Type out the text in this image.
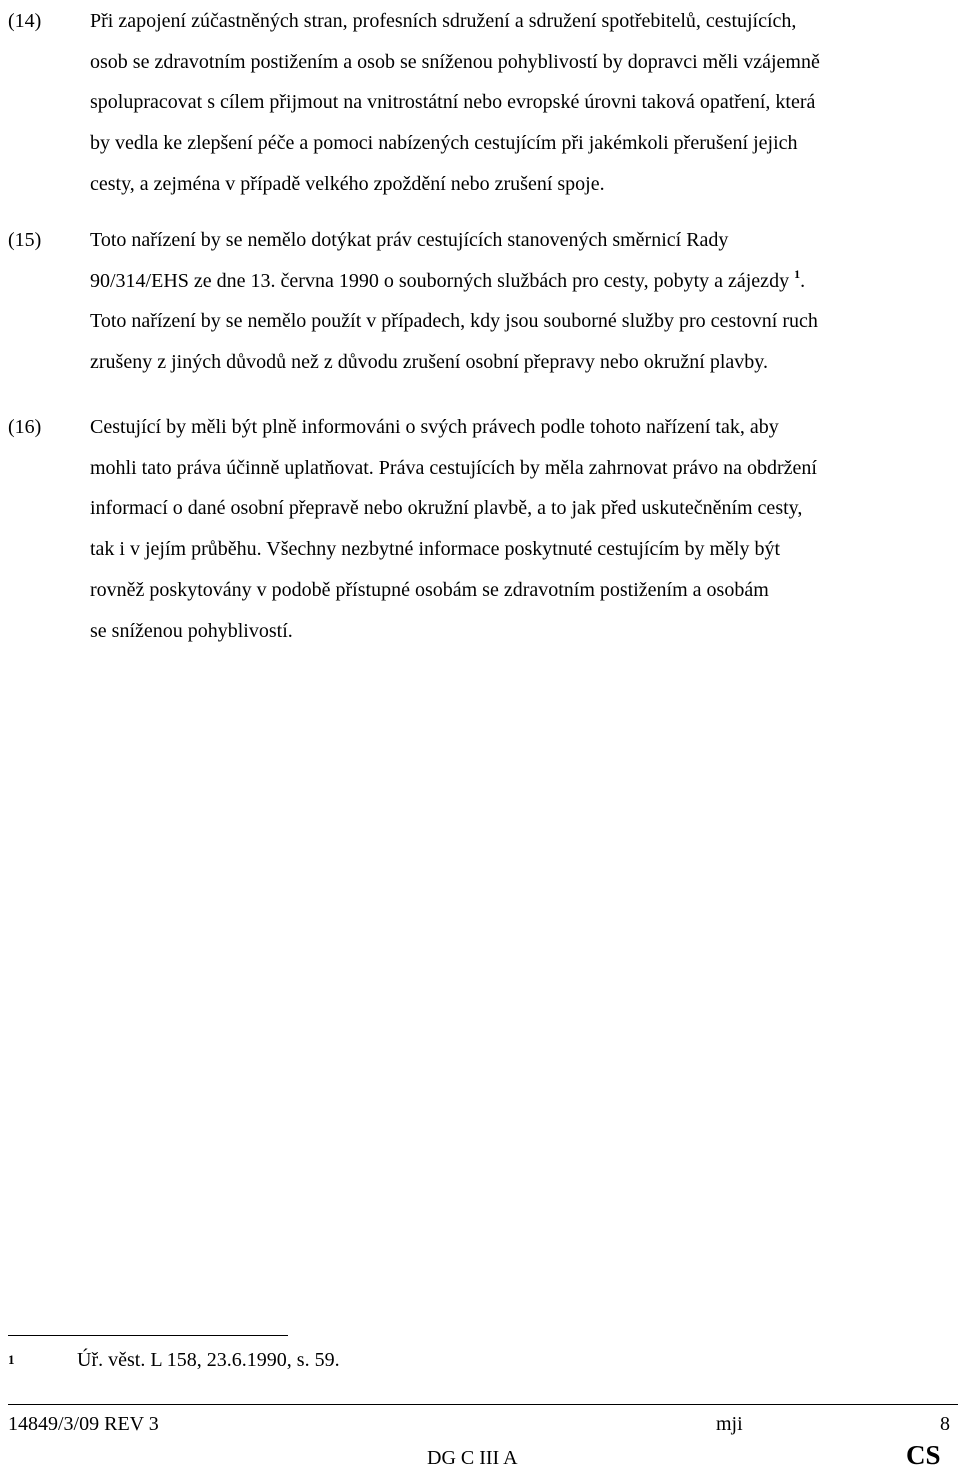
(14) Při zapojení zúčastněných stran, profesních sdružení a sdružení spotřebitelů, cestujících,
osob se zdravotním postižením a osob se sníženou pohyblivostí by dopravci měli vzájemně
spolupracovat s cílem přijmout na vnitrostátní nebo evropské úrovni taková opatření, která
by vedla ke zlepšení péče a pomoci nabízených cestujícím při jakémkoli přerušení jejich
cesty, a zejména v případě velkého zpoždění nebo zrušení spoje.
(15) Toto nařízení by se nemělo dotýkat práv cestujících stanovených směrnicí Rady
90/314/EHS ze dne 13. června 1990 o souborných službách pro cesty, pobyty a zájezdy $^1$.
Toto nařízení by se nemělo použít v případech, kdy jsou souborné služby pro cestovní ruch
zrušeny z jiných důvodů než z důvodu zrušení osobní přepravy nebo okružní plavby.
(16) Cestující by měli být plně informováni o svých právech podle tohoto nařízení tak, aby
mohli tato práva účinně uplatňovat. Práva cestujících by měla zahrnovat právo na obdržení
informací o dané osobní přepravě nebo okružní plavbě, a to jak před uskutečněním cesty,
tak i v jejím průběhu. Všechny nezbytné informace poskytnuté cestujícím by měly být
rovněž poskytovány v podobě přístupné osobám se zdravotním postižením a osobám
se sníženou pohyblivostí.
1	Úř. věst. L 158, 23.6.1990, s. 59.
14849/3/09 REV 3	mji	8
DG C III A	CS
